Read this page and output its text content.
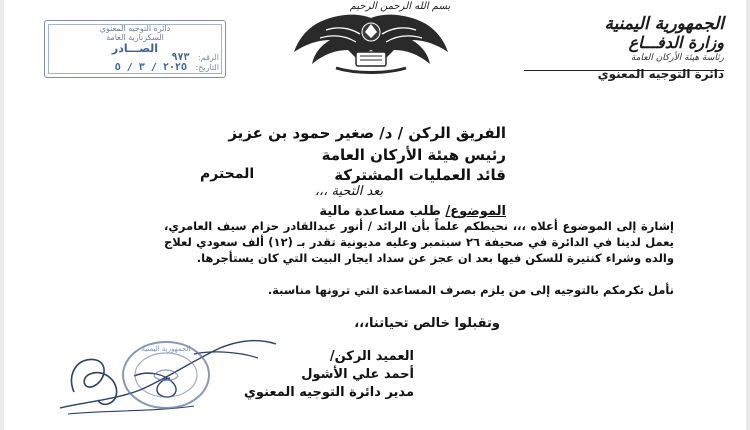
الجمهورية اليمنية
وزارة الدفـــاع
رئاسة هيئة الأركان العامة
دائرة التوجيه المعنوي
بسم الله الرحمن الرحيم
دائرة التوجيه المعنوي
السكرتارية العامة
الصـــادر
الرقم: ٩٧٣
التاريخ: ٢٠٢٥ / ٣ / ٥
الفريق الركن / د/ صغير حمود بن عزيز
رئيس هيئة الأركان العامة
قائد العمليات المشتركة
المحترم
بعد التحية ،،،
الموضوع/ طلب مساعدة مالية
إشارة إلى الموضوع أعلاه ،،، نحيطكم علماً بأن الرائد / أنور عبدالقادر حزام سيف العامري، يعمل لدينا في الدائرة في صحيفة ٢٦ سبتمبر وعليه مديونية تقدر بـ (١٢) ألف سعودي لعلاج والده وشراء كنتيرة للسكن فيها بعد ان عجز عن سداد ايجار البيت التي كان يستأجرها.
نأمل تكرمكم بالتوجيه إلى من يلزم بصرف المساعدة التي ترونها مناسبة.
وتقبلوا خالص تحياتنا،،،
الجمهورية اليمنية	العميد الركن/
أحمد علي الأشول
مدير دائرة التوجيه المعنوي
